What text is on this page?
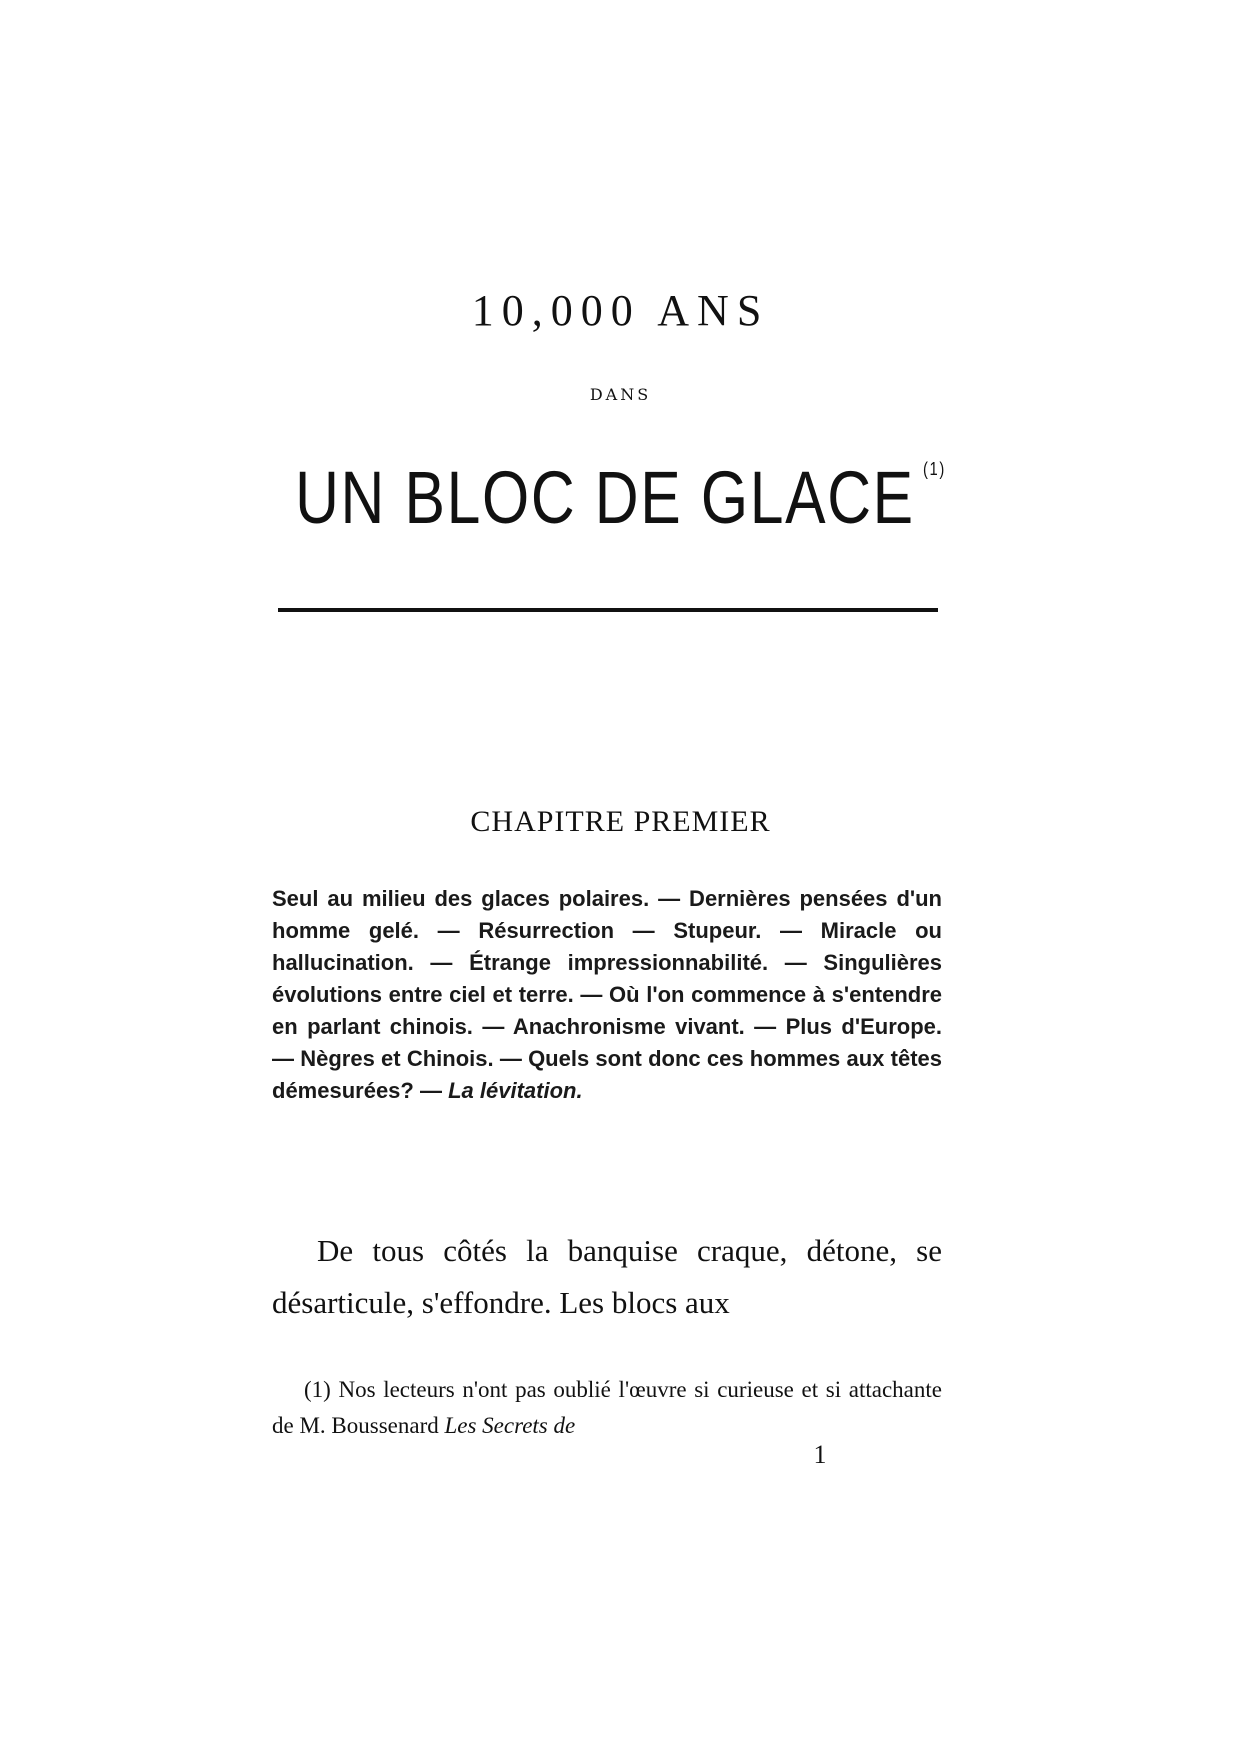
10,000 ANS
DANS
UN BLOC DE GLACE $^{(1)}$
CHAPITRE PREMIER
Seul au milieu des glaces polaires. — Dernières pensées d'un homme gelé. — Résurrection — Stupeur. — Miracle ou hallucination. — Étrange impressionnabilité. — Singulières évolutions entre ciel et terre. — Où l'on commence à s'entendre en parlant chinois. — Anachronisme vivant. — Plus d'Europe. — Nègres et Chinois. — Quels sont donc ces hommes aux têtes démesurées? — La lévitation.
De tous côtés la banquise craque, détone, se désarticule, s'effondre. Les blocs aux
(1) Nos lecteurs n'ont pas oublié l'œuvre si curieuse et si attachante de M. Boussenard Les Secrets de
1
